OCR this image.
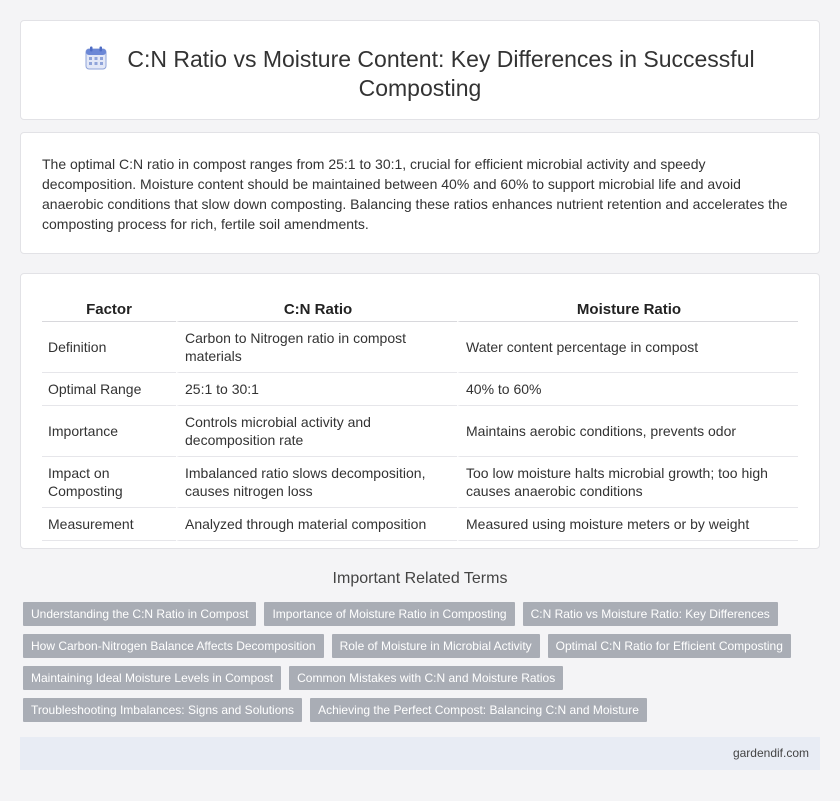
C:N Ratio vs Moisture Content: Key Differences in Successful Composting

The optimal C:N ratio in compost ranges from 25:1 to 30:1, crucial for efficient microbial activity and speedy decomposition. Moisture content should be maintained between 40% and 60% to support microbial life and avoid anaerobic conditions that slow down composting. Balancing these ratios enhances nutrient retention and accelerates the composting process for rich, fertile soil amendments.

Factor	C:N Ratio	Moisture Ratio
Definition	Carbon to Nitrogen ratio in compost materials	Water content percentage in compost
Optimal Range	25:1 to 30:1	40% to 60%
Importance	Controls microbial activity and decomposition rate	Maintains aerobic conditions, prevents odor
Impact on Composting	Imbalanced ratio slows decomposition, causes nitrogen loss	Too low moisture halts microbial growth; too high causes anaerobic conditions
Measurement	Analyzed through material composition	Measured using moisture meters or by weight
Important Related Terms
Understanding the C:N Ratio in Compost	Importance of Moisture Ratio in Composting	C:N Ratio vs Moisture Ratio: Key Differences
How Carbon-Nitrogen Balance Affects Decomposition	Role of Moisture in Microbial Activity	Optimal C:N Ratio for Efficient Composting
Maintaining Ideal Moisture Levels in Compost	Common Mistakes with C:N and Moisture Ratios
Troubleshooting Imbalances: Signs and Solutions	Achieving the Perfect Compost: Balancing C:N and Moisture
gardendif.com
